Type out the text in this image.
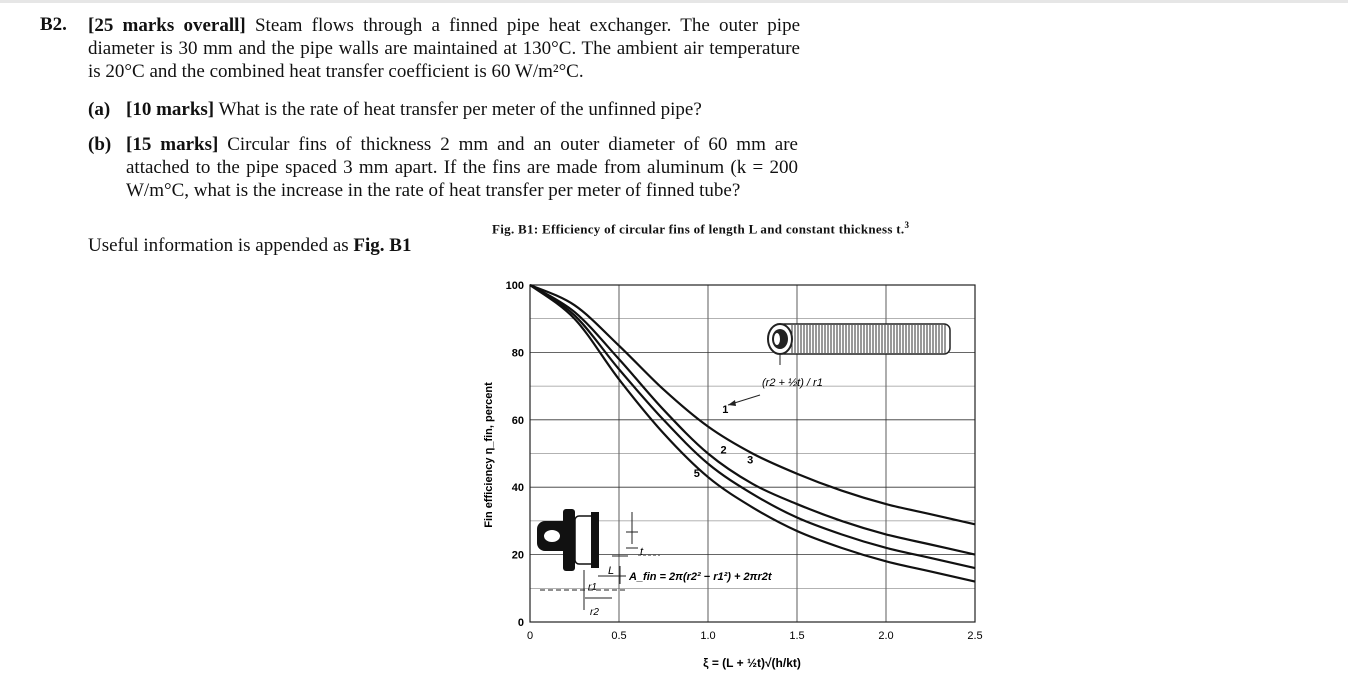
B2. [25 marks overall] Steam flows through a finned pipe heat exchanger. The outer pipe diameter is 30 mm and the pipe walls are maintained at 130°C. The ambient air temperature is 20°C and the combined heat transfer coefficient is 60 W/m²°C.
(a) [10 marks] What is the rate of heat transfer per meter of the unfinned pipe?
(b) [15 marks] Circular fins of thickness 2 mm and an outer diameter of 60 mm are attached to the pipe spaced 3 mm apart. If the fins are made from aluminum (k = 200 W/m°C, what is the increase in the rate of heat transfer per meter of finned tube?
Useful information is appended as Fig. B1
Fig. B1: Efficiency of circular fins of length L and constant thickness t.$^3$
0	0.5	1.0	1.5	2.0	2.5
0
20
40
60
80
100
1
2
3
5
Fin efficiency η_fin, percent
ξ = (L + ½t)√(h/kt)
(r2 + ½t) / r1
t
L
r1
r2
A_fin = 2π(r2² − r1²) + 2πr2t
